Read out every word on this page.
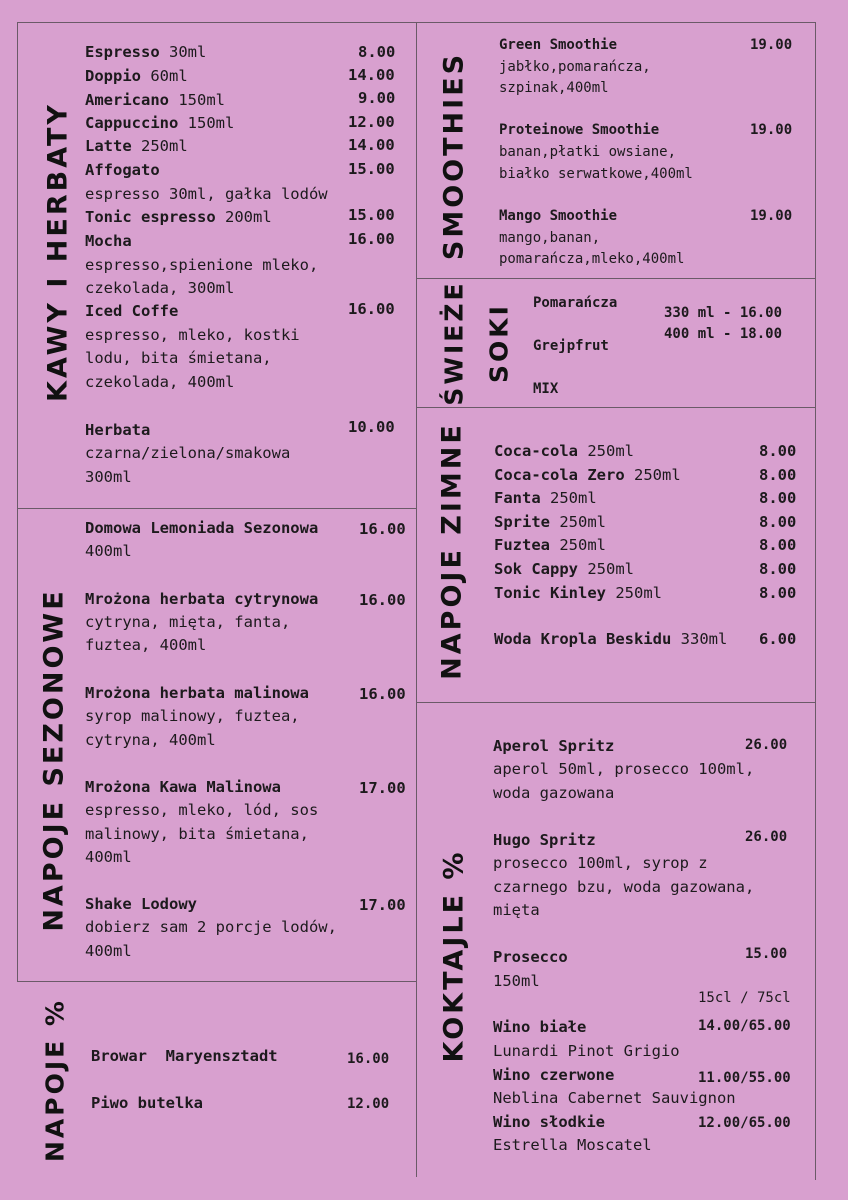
KAWY I HERBATY
Espresso 30ml	8.00
Doppio 60ml	14.00
Americano 150ml	9.00
Cappuccino 150ml	12.00
Latte 250ml	14.00
Affogato	15.00
espresso 30ml, gałka lodów
Tonic espresso 200ml	15.00
Mocha	16.00
espresso,spienione mleko,
czekolada, 300ml
Iced Coffe	16.00
espresso, mleko, kostki
lodu, bita śmietana,
czekolada, 400ml
Herbata	10.00
czarna/zielona/smakowa
300ml
NAPOJE SEZONOWE
Domowa Lemoniada Sezonowa	16.00
400ml
Mrożona herbata cytrynowa	16.00
cytryna, mięta, fanta,
fuztea, 400ml
Mrożona herbata malinowa	16.00
syrop malinowy, fuztea,
cytryna, 400ml
Mrożona Kawa Malinowa	17.00
espresso, mleko, lód, sos
malinowy, bita śmietana,
400ml
Shake Lodowy	17.00
dobierz sam 2 porcje lodów,
400ml
NAPOJE % Browar  Maryensztadt	16.00
Piwo butelka	12.00
SMOOTHIES
Green Smoothie	19.00
jabłko,pomarańcza,
szpinak,400ml
Proteinowe Smoothie	19.00
banan,płatki owsiane,
białko serwatkowe,400ml
Mango Smoothie	19.00
mango,banan,
pomarańcza,mleko,400ml
ŚWIEŻE SOKI
Pomarańcza
Grejpfrut
MIX
330 ml - 16.00
400 ml - 18.00
NAPOJE ZIMNE Coca-cola 250ml	8.00
Coca-cola Zero 250ml	8.00
Fanta 250ml	8.00
Sprite 250ml	8.00
Fuztea 250ml	8.00
Sok Cappy 250ml	8.00
Tonic Kinley 250ml	8.00
Woda Kropla Beskidu 330ml 6.00
KOKTAJLE %
Aperol Spritz	26.00
aperol 50ml, prosecco 100ml,
woda gazowana
Hugo Spritz	26.00
prosecco 100ml, syrop z
czarnego bzu, woda gazowana,
mięta
Prosecco	15.00
150ml
15cl / 75cl
Wino białe	14.00/65.00
Lunardi Pinot Grigio
Wino czerwone	11.00/55.00
Neblina Cabernet Sauvignon
Wino słodkie	12.00/65.00
Estrella Moscatel
